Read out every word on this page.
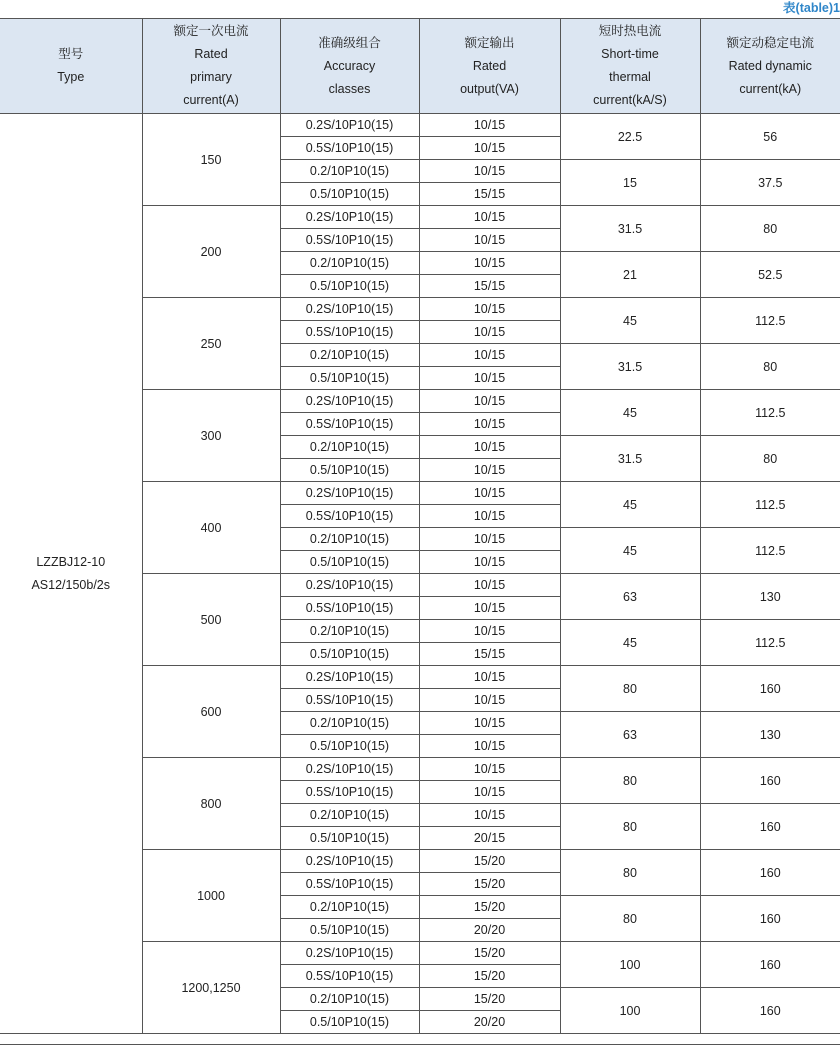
表(table)1
型号
Type	额定一次电流
Rated
primary
current(A)	准确级组合
Accuracy
classes	额定输出
Rated
output(VA)	短时热电流
Short-time
thermal
current(kA/S)	额定动稳定电流
Rated dynamic
current(kA)

LZZBJ12-10
AS12/150b/2s	150	0.2S/10P10(15)	10/15	22.5	56
		0.5S/10P10(15)	10/15		
		0.2/10P10(15)	10/15	15	37.5
		0.5/10P10(15)	15/15		
	200	0.2S/10P10(15)	10/15	31.5	80
		0.5S/10P10(15)	10/15		
		0.2/10P10(15)	10/15	21	52.5
		0.5/10P10(15)	15/15		
	250	0.2S/10P10(15)	10/15	45	112.5
		0.5S/10P10(15)	10/15		
		0.2/10P10(15)	10/15	31.5	80
		0.5/10P10(15)	10/15		
	300	0.2S/10P10(15)	10/15	45	112.5
		0.5S/10P10(15)	10/15		
		0.2/10P10(15)	10/15	31.5	80
		0.5/10P10(15)	10/15		
	400	0.2S/10P10(15)	10/15	45	112.5
		0.5S/10P10(15)	10/15		
		0.2/10P10(15)	10/15	45	112.5
		0.5/10P10(15)	10/15		
	500	0.2S/10P10(15)	10/15	63	130
		0.5S/10P10(15)	10/15		
		0.2/10P10(15)	10/15	45	112.5
		0.5/10P10(15)	15/15		
	600	0.2S/10P10(15)	10/15	80	160
		0.5S/10P10(15)	10/15		
		0.2/10P10(15)	10/15	63	130
		0.5/10P10(15)	10/15		
	800	0.2S/10P10(15)	10/15	80	160
		0.5S/10P10(15)	10/15		
		0.2/10P10(15)	10/15	80	160
		0.5/10P10(15)	20/15		
	1000	0.2S/10P10(15)	15/20	80	160
		0.5S/10P10(15)	15/20		
		0.2/10P10(15)	15/20	80	160
		0.5/10P10(15)	20/20		
	1200,1250	0.2S/10P10(15)	15/20	100	160
		0.5S/10P10(15)	15/20		
		0.2/10P10(15)	15/20	100	160
		0.5/10P10(15)	20/20		
